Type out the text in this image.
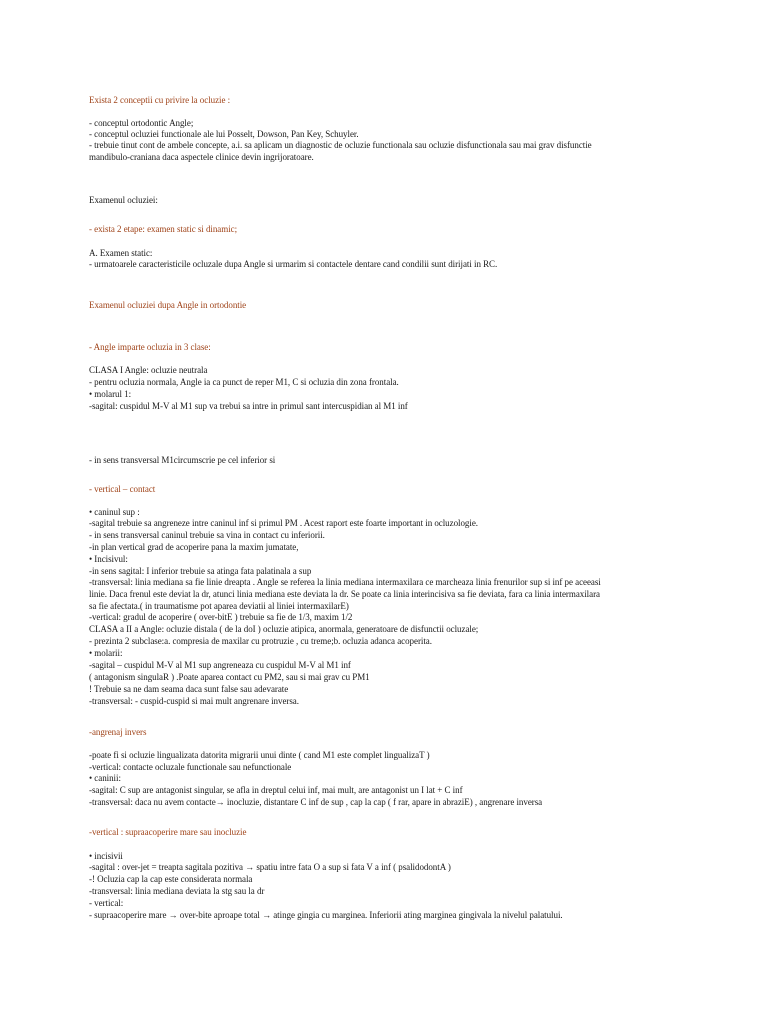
Exista 2 conceptii cu privire la ocluzie :
- conceptul ortodontic Angle;
- conceptul ocluziei functionale ale lui Posselt, Dowson, Pan Key, Schuyler.
- trebuie tinut cont de ambele concepte, a.i. sa aplicam un diagnostic de ocluzie functionala sau ocluzie disfunctionala sau mai grav disfunctie
mandibulo-craniana daca aspectele clinice devin ingrijoratoare.
Examenul ocluziei:
- exista 2 etape: examen static si dinamic;
A. Examen static:
- urmatoarele caracteristicile ocluzale dupa Angle si urmarim si contactele dentare cand condilii sunt dirijati in RC.
Examenul ocluziei dupa Angle in ortodontie
- Angle imparte ocluzia in 3 clase:
CLASA I Angle: ocluzie neutrala
- pentru ocluzia normala, Angle ia ca punct de reper M1, C si ocluzia din zona frontala.
• molarul 1:
-sagital: cuspidul M-V al M1 sup va trebui sa intre in primul sant intercuspidian al M1 inf
- in sens transversal M1circumscrie pe cel inferior si
- vertical – contact
• caninul sup :
-sagital trebuie sa angreneze intre caninul inf si primul PM . Acest raport este foarte important in ocluzologie.
- in sens transversal caninul trebuie sa vina in contact cu inferiorii.
-in plan vertical grad de acoperire pana la maxim jumatate,
• Incisivul:
-in sens sagital: I inferior trebuie sa atinga fata palatinala a sup
-transversal: linia mediana sa fie linie dreapta . Angle se referea la linia mediana intermaxilara ce marcheaza linia frenurilor sup si inf pe aceeasi
linie. Daca frenul este deviat la dr, atunci linia mediana este deviata la dr. Se poate ca linia interincisiva sa fie deviata, fara ca linia intermaxilara
sa fie afectata.( in traumatisme pot aparea deviatii al liniei intermaxilarE)
-vertical: gradul de acoperire ( over-bitE ) trebuie sa fie de 1/3, maxim 1/2
CLASA a II a Angle: ocluzie distala ( de la doI ) ocluzie atipica, anormala, generatoare de disfunctii ocluzale;
- prezinta 2 subclase:a. compresia de maxilar cu protruzie , cu treme;b. ocluzia adanca acoperita.
• molarii:
-sagital – cuspidul M-V al M1 sup angreneaza cu cuspidul M-V al M1 inf
( antagonism singulaR ) .Poate aparea contact cu PM2, sau si mai grav cu PM1
! Trebuie sa ne dam seama daca sunt false sau adevarate
-transversal: - cuspid-cuspid si mai mult angrenare inversa.
-angrenaj invers
-poate fi si ocluzie lingualizata datorita migrarii unui dinte ( cand M1 este complet lingualizaT )
-vertical: contacte ocluzale functionale sau nefunctionale
• caninii:
-sagital: C sup are antagonist singular, se afla in dreptul celui inf, mai mult, are antagonist un I lat + C inf
-transversal: daca nu avem contacte→ inocluzie, distantare C inf de sup , cap la cap ( f rar, apare in abraziE) , angrenare inversa
-vertical : supraacoperire mare sau inocluzie
• incisivii
-sagital : over-jet = treapta sagitala pozitiva → spatiu intre fata O a sup si fata V a inf ( psalidodontA )
-! Ocluzia cap la cap este considerata normala
-transversal: linia mediana deviata la stg sau la dr
- vertical:
- supraacoperire mare → over-bite aproape total → atinge gingia cu marginea. Inferiorii ating marginea gingivala la nivelul palatului.
